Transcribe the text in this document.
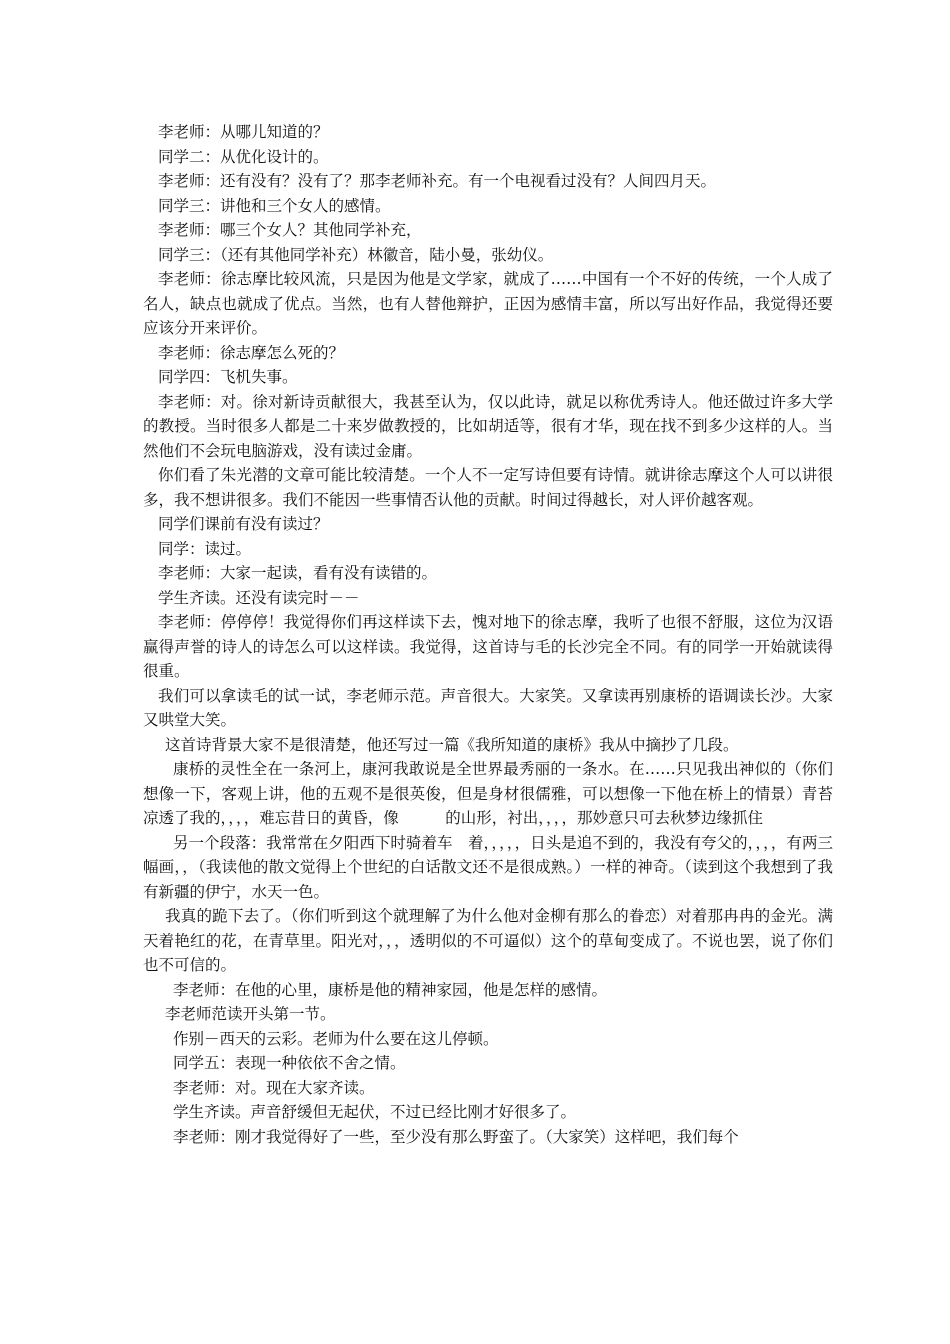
李老师：从哪儿知道的？

同学二：从优化设计的。

李老师：还有没有？没有了？那李老师补充。有一个电视看过没有？人间四月天。

同学三：讲他和三个女人的感情。

李老师：哪三个女人？其他同学补充，

同学三：（还有其他同学补充）林徽音，陆小曼，张幼仪。

李老师：徐志摩比较风流，只是因为他是文学家，就成了……中国有一个不好的传统，一个人成了名人，缺点也就成了优点。当然，也有人替他辩护，正因为感情丰富，所以写出好作品，我觉得还要应该分开来评价。

李老师：徐志摩怎么死的？

同学四：飞机失事。

李老师：对。徐对新诗贡献很大，我甚至认为，仅以此诗，就足以称优秀诗人。他还做过许多大学的教授。当时很多人都是二十来岁做教授的，比如胡适等，很有才华，现在找不到多少这样的人。当然他们不会玩电脑游戏，没有读过金庸。

你们看了朱光潜的文章可能比较清楚。一个人不一定写诗但要有诗情。就讲徐志摩这个人可以讲很多，我不想讲很多。我们不能因一些事情否认他的贡献。时间过得越长，对人评价越客观。

同学们课前有没有读过？

同学：读过。

李老师：大家一起读，看有没有读错的。

学生齐读。还没有读完时－－

李老师：停停停！我觉得你们再这样读下去，愧对地下的徐志摩，我听了也很不舒服，这位为汉语赢得声誉的诗人的诗怎么可以这样读。我觉得，这首诗与毛的长沙完全不同。有的同学一开始就读得很重。

我们可以拿读毛的试一试，李老师示范。声音很大。大家笑。又拿读再别康桥的语调读长沙。大家又哄堂大笑。

这首诗背景大家不是很清楚，他还写过一篇《我所知道的康桥》我从中摘抄了几段。

康桥的灵性全在一条河上，康河我敢说是全世界最秀丽的一条水。在……只见我出神似的（你们想像一下，客观上讲，他的五观不是很英俊，但是身材很儒雅，可以想像一下他在桥上的情景）青苔凉透了我的，，，，难忘昔日的黄昏，像　　　的山形，衬出，，，，那妙意只可去秋梦边缘抓住

另一个段落：我常常在夕阳西下时骑着车　着，，，，，日头是追不到的，我没有夸父的，，，，有两三幅画，，（我读他的散文觉得上个世纪的白话散文还不是很成熟。）一样的神奇。（读到这个我想到了我有新疆的伊宁，水天一色。

我真的跪下去了。（你们听到这个就理解了为什么他对金柳有那么的眷恋）对着那冉冉的金光。满天着艳红的花，在青草里。阳光对，，，透明似的不可逼似）这个的草甸变成了。不说也罢，说了你们也不可信的。

李老师：在他的心里，康桥是他的精神家园，他是怎样的感情。

李老师范读开头第一节。

作别－西天的云彩。老师为什么要在这儿停顿。

同学五：表现一种依依不舍之情。

李老师：对。现在大家齐读。

学生齐读。声音舒缓但无起伏，不过已经比刚才好很多了。

李老师：刚才我觉得好了一些，至少没有那么野蛮了。（大家笑）这样吧，我们每个
